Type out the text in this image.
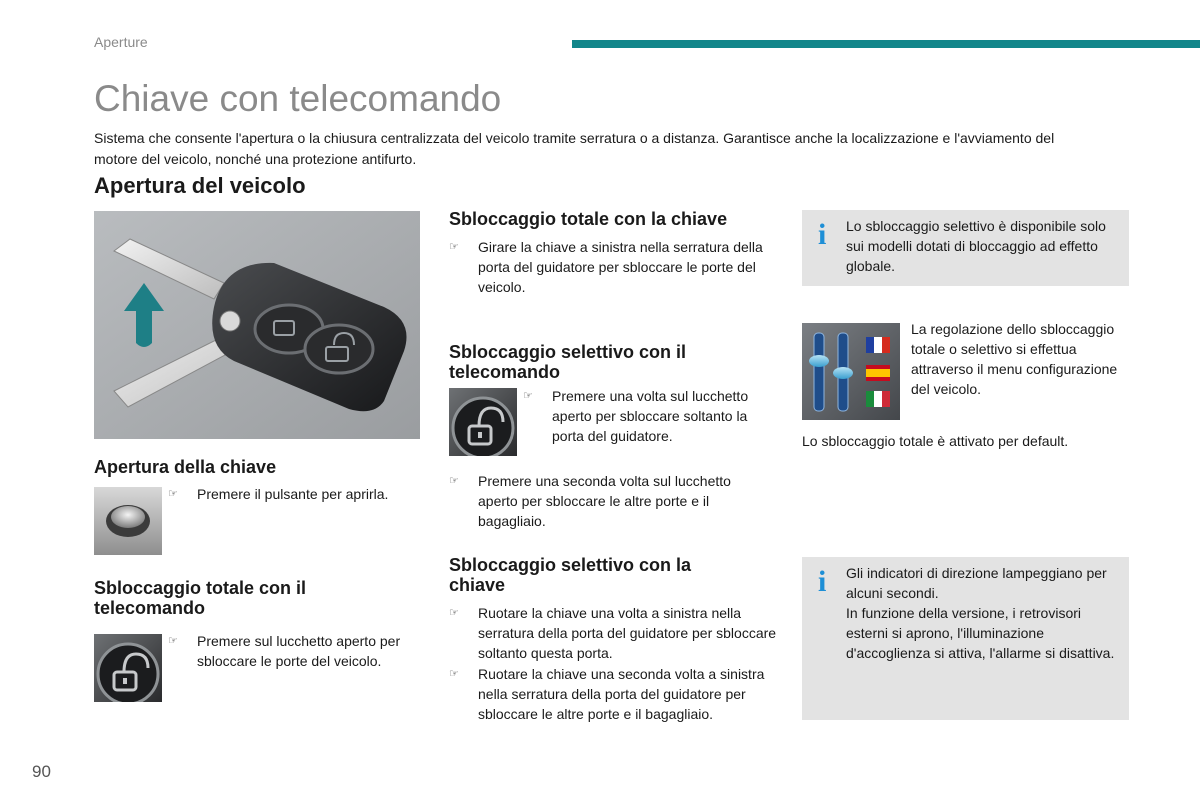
Aperture
Chiave con telecomando

Sistema che consente l'apertura o la chiusura centralizzata del veicolo tramite serratura o a distanza. Garantisce anche la localizzazione e l'avviamento del motore del veicolo, nonché una protezione antifurto.

Apertura del veicolo
Apertura della chiave
☞	Premere il pulsante per aprirla.
Sbloccaggio totale con il telecomando
☞	Premere sul lucchetto aperto per sbloccare le porte del veicolo.
Sbloccaggio totale con la chiave
☞	Girare la chiave a sinistra nella serratura della porta del guidatore per sbloccare le porte del veicolo.
Sbloccaggio selettivo con il telecomando
☞	Premere una volta sul lucchetto aperto per sbloccare soltanto la porta del guidatore.
☞	Premere una seconda volta sul lucchetto aperto per sbloccare le altre porte e il bagagliaio.
Sbloccaggio selettivo con la chiave
☞	Ruotare la chiave una volta a sinistra nella serratura della porta del guidatore per sbloccare soltanto questa porta.
☞	Ruotare la chiave una seconda volta a sinistra nella serratura della porta del guidatore per sbloccare le altre porte e il bagagliaio.
i Lo sbloccaggio selettivo è disponibile solo sui modelli dotati di bloccaggio ad effetto globale.

La regolazione dello sbloccaggio totale o selettivo si effettua attraverso il menu configurazione del veicolo.

Lo sbloccaggio totale è attivato per default.

i Gli indicatori di direzione lampeggiano per alcuni secondi.
In funzione della versione, i retrovisori esterni si aprono, l'illuminazione d'accoglienza si attiva, l'allarme si disattiva.
90
